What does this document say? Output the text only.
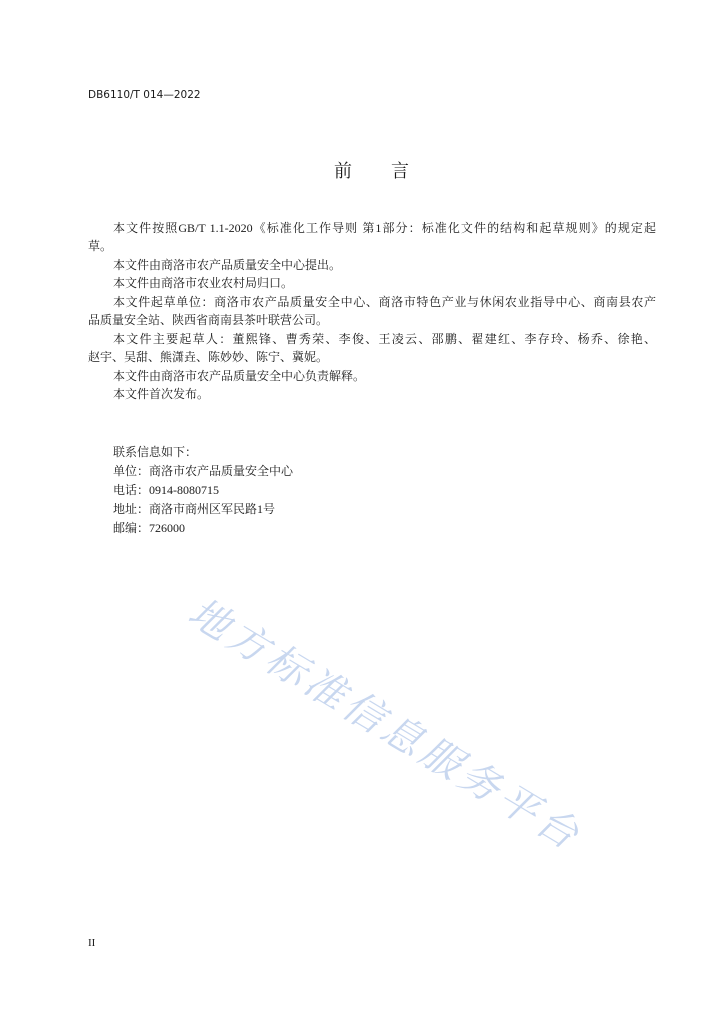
DB6110/T 014—2022
前　　言
本文件按照GB/T 1.1-2020《标准化工作导则 第1部分：标准化文件的结构和起草规则》的规定起
草。
本文件由商洛市农产品质量安全中心提出。
本文件由商洛市农业农村局归口。
本文件起草单位：商洛市农产品质量安全中心、商洛市特色产业与休闲农业指导中心、商南县农产
品质量安全站、陕西省商南县茶叶联营公司。
本文件主要起草人：董熙锋、曹秀荣、李俊、王凌云、邵鹏、翟建红、李存玲、杨乔、徐艳、
赵宇、吴甜、熊潇垚、陈妙妙、陈宁、冀妮。
本文件由商洛市农产品质量安全中心负责解释。
本文件首次发布。
联系信息如下：
单位：商洛市农产品质量安全中心
电话：0914-8080715
地址：商洛市商州区军民路1号
邮编：726000
地方标准信息服务平台
II
